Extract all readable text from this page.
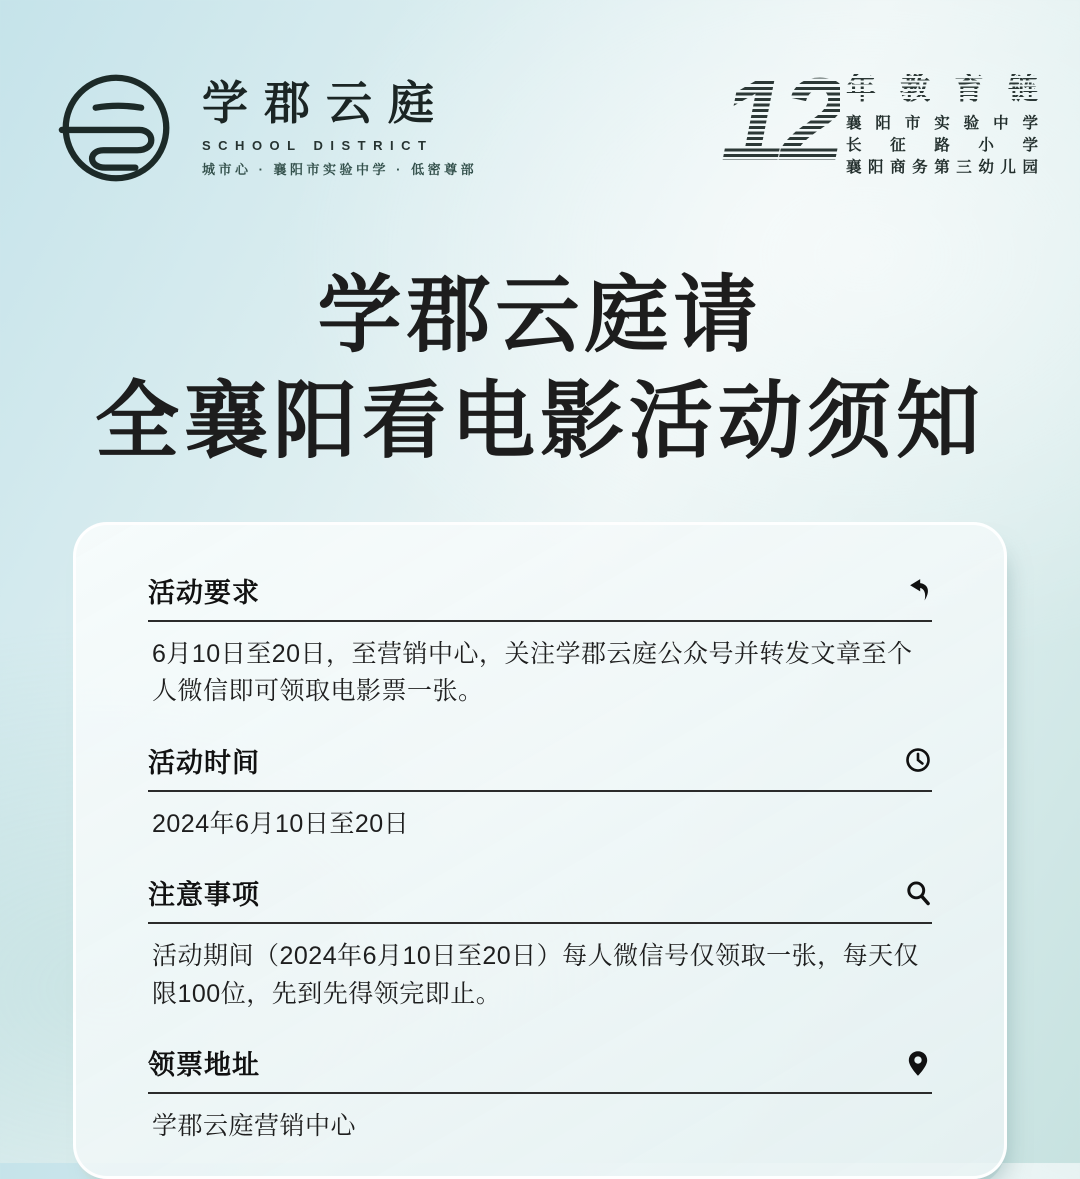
学郡云庭
SCHOOL DISTRICT
城市心 · 襄阳市实验中学 · 低密尊部 12 年教育链
襄阳市实验中学
长征路小学
襄阳商务第三幼儿园
学郡云庭请
全襄阳看电影活动须知
活动要求

6月10日至20日，至营销中心，关注学郡云庭公众号并转发文章至个人微信即可领取电影票一张。

活动时间

2024年6月10日至20日

注意事项

活动期间（2024年6月10日至20日）每人微信号仅领取一张，每天仅限100位，先到先得领完即止。

领票地址

学郡云庭营销中心
